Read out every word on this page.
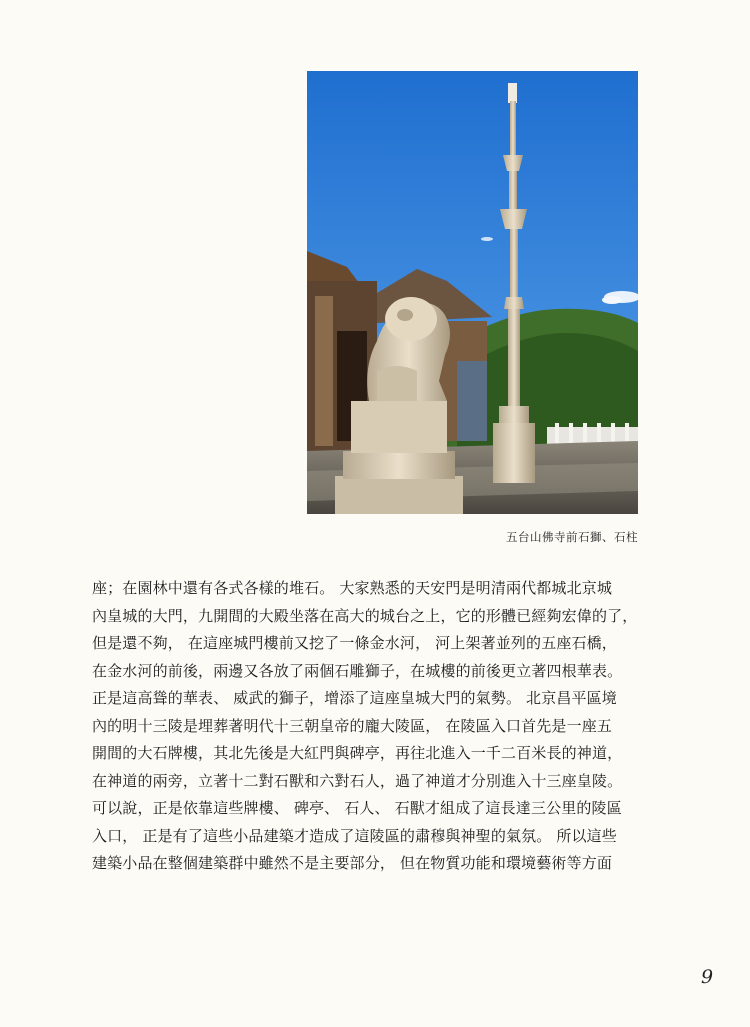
五台山佛寺前石獅、石柱
座；在園林中還有各式各樣的堆石。 大家熟悉的天安門是明清兩代都城北京城
內皇城的大門，九開間的大殿坐落在高大的城台之上，它的形體已經夠宏偉的了，
但是還不夠， 在這座城門樓前又挖了一條金水河， 河上架著並列的五座石橋，
在金水河的前後，兩邊又各放了兩個石雕獅子，在城樓的前後更立著四根華表。
正是這高聳的華表、 威武的獅子，增添了這座皇城大門的氣勢。 北京昌平區境
內的明十三陵是埋葬著明代十三朝皇帝的龐大陵區， 在陵區入口首先是一座五
開間的大石牌樓，其北先後是大紅門與碑亭，再往北進入一千二百米長的神道，
在神道的兩旁，立著十二對石獸和六對石人，過了神道才分別進入十三座皇陵。
可以說，正是依靠這些牌樓、 碑亭、 石人、 石獸才組成了這長達三公里的陵區
入口， 正是有了這些小品建築才造成了這陵區的肅穆與神聖的氣氛。 所以這些
建築小品在整個建築群中雖然不是主要部分， 但在物質功能和環境藝術等方面
9
